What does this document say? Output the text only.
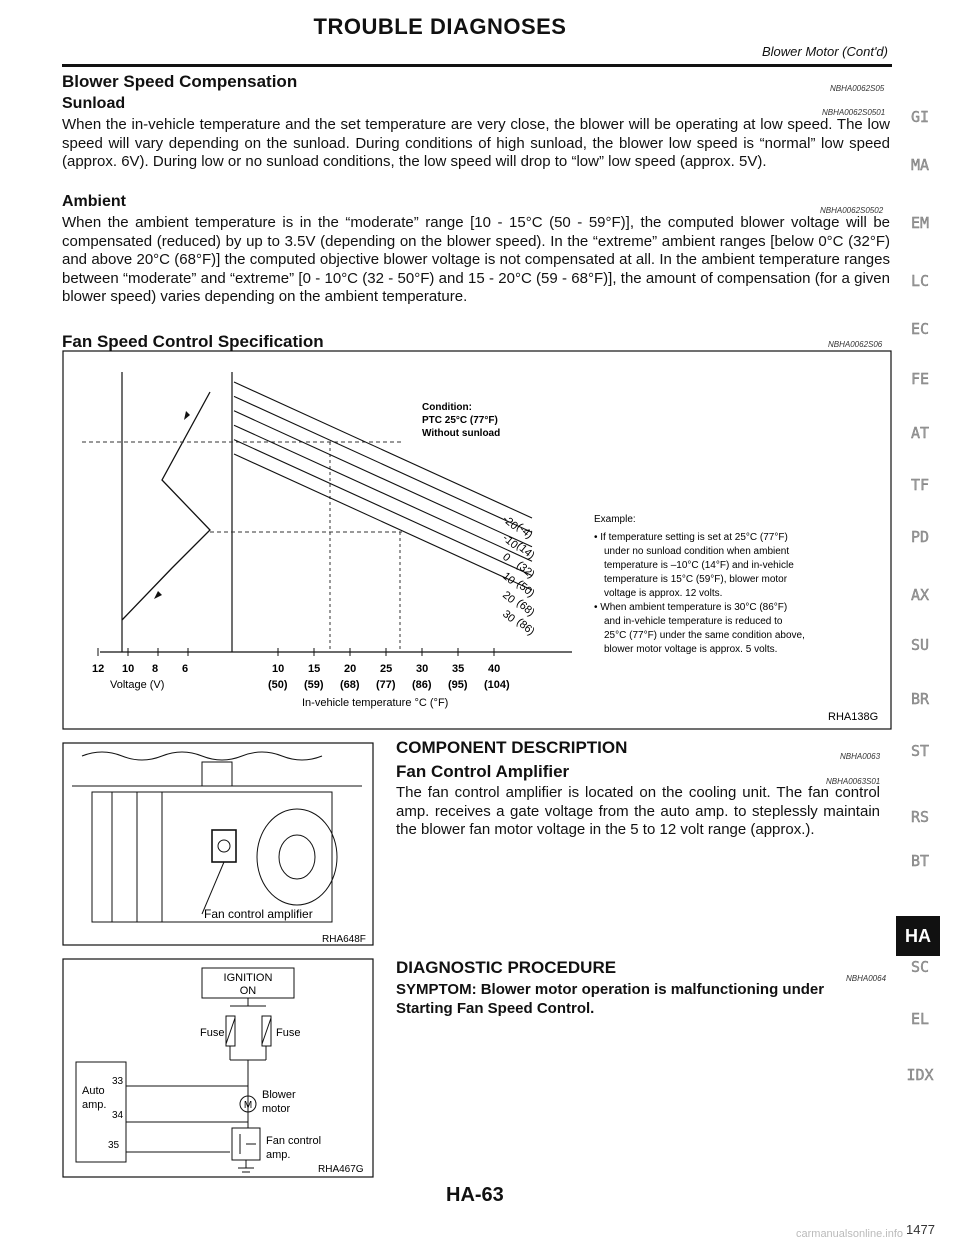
TROUBLE DIAGNOSES
Blower Motor (Cont'd)
Blower Speed Compensation	NBHA0062S05
Sunload
NBHA0062S0501
When the in-vehicle temperature and the set temperature are very close, the blower will be operating at low speed. The low speed will vary depending on the sunload. During conditions of high sunload, the blower low speed is “normal” low speed (approx. 6V). During low or no sunload conditions, the low speed will drop to “low” low speed (approx. 5V).
Ambient
NBHA0062S0502
When the ambient temperature is in the “moderate” range [10 - 15°C (50 - 59°F)], the computed blower voltage will be compensated (reduced) by up to 3.5V (depending on the blower speed). In the “extreme” ambient ranges [below 0°C (32°F) and above 20°C (68°F)] the computed objective blower voltage is not compensated at all. In the ambient temperature ranges between “moderate” and “extreme” [0 - 10°C (32 - 50°F) and 15 - 20°C (59 - 68°F)], the amount of compensation (for a given blower speed) varies depending on the ambient temperature.
Fan Speed Control Specification	NBHA0062S06
-20
(-4)
-10
(14)
0
(32)
10
(50)
20
(68)
30
(86)
12 10 8 6
Voltage (V)
10
(50)
15
(59)
20
(68)
25
(77)
30
(86)
35
(95)
40
(104)
In-vehicle temperature °C (°F)
Condition:
PTC 25°C (77°F)
Without sunload
Example:
• If temperature setting is set at 25°C (77°F)
under no sunload condition when ambient
temperature is –10°C (14°F) and in-vehicle
temperature is 15°C (59°F), blower motor
voltage is approx. 12 volts.
• When ambient temperature is 30°C (86°F)
and in-vehicle temperature is reduced to
25°C (77°F) under the same condition above,
blower motor voltage is approx. 5 volts.
RHA138G
Fan control amplifier
RHA648F
COMPONENT DESCRIPTION	NBHA0063
Fan Control Amplifier
NBHA0063S01
The fan control amplifier is located on the cooling unit. The fan control amp. receives a gate voltage from the auto amp. to steplessly maintain the blower fan motor voltage in the 5 to 12 volt range (approx.).
IGNITION
ON
Fuse	Fuse
Auto
amp.
33
34
35
M
Blower
motor
Fan control
amp.
RHA467G
DIAGNOSTIC PROCEDURE
NBHA0064
SYMPTOM: Blower motor operation is malfunctioning under
Starting Fan Speed Control.
GI
MA
EM
LC
EC
FE
AT
TF
PD
AX
SU
BR
ST
RS
BT
HA
SC
EL
IDX
HA-63
1477
carmanualsonline.info
